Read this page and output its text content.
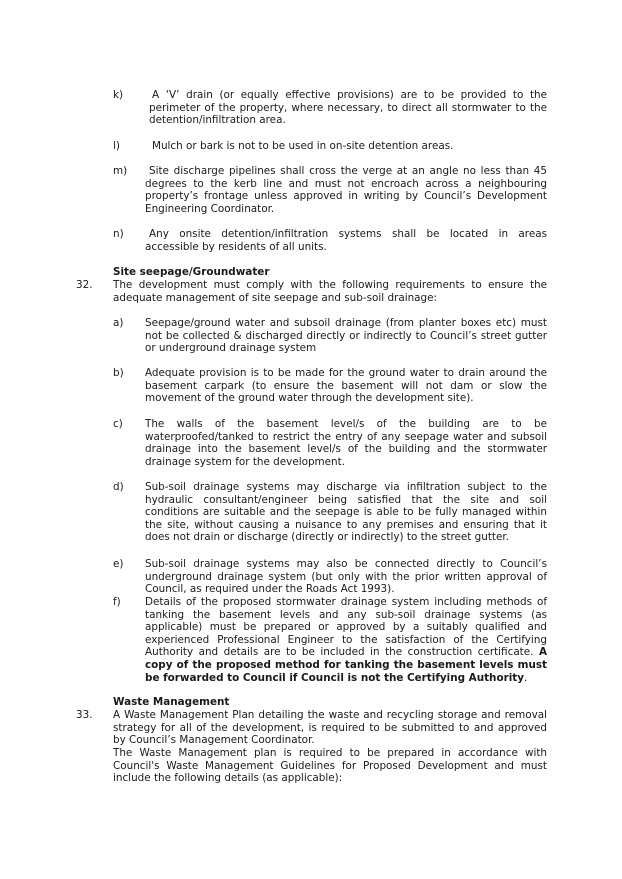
k)	A ‘V’ drain (or equally effective provisions) are to be provided to the perimeter of the property, where necessary, to direct all stormwater to the detention/infiltration area.
l)	Mulch or bark is not to be used in on-site detention areas.
m)	Site discharge pipelines shall cross the verge at an angle no less than 45 degrees to the kerb line and must not encroach across a neighbouring property’s frontage unless approved in writing by Council’s Development Engineering Coordinator.
n)	Any onsite detention/infiltration systems shall be located in areas accessible by residents of all units.
Site seepage/Groundwater
32. The development must comply with the following requirements to ensure the adequate management of site seepage and sub-soil drainage:
a) Seepage/ground water and subsoil drainage (from planter boxes etc) must not be collected & discharged directly or indirectly to Council’s street gutter or underground drainage system
b) Adequate provision is to be made for the ground water to drain around the basement carpark (to ensure the basement will not dam or slow the movement of the ground water through the development site).
c) The walls of the basement level/s of the building are to be waterproofed/tanked to restrict the entry of any seepage water and subsoil drainage into the basement level/s of the building and the stormwater drainage system for the development.
d) Sub-soil drainage systems may discharge via infiltration subject to the hydraulic consultant/engineer being satisfied that the site and soil conditions are suitable and the seepage is able to be fully managed within the site, without causing a nuisance to any premises and ensuring that it does not drain or discharge (directly or indirectly) to the street gutter.
e) Sub-soil drainage systems may also be connected directly to Council’s underground drainage system (but only with the prior written approval of Council, as required under the Roads Act 1993).
f) Details of the proposed stormwater drainage system including methods of tanking the basement levels and any sub-soil drainage systems (as applicable) must be prepared or approved by a suitably qualified and experienced Professional Engineer to the satisfaction of the Certifying Authority and details are to be included in the construction certificate. A copy of the proposed method for tanking the basement levels must be forwarded to Council if Council is not the Certifying Authority.
Waste Management
33. A Waste Management Plan detailing the waste and recycling storage and removal strategy for all of the development, is required to be submitted to and approved by Council’s Management Coordinator.
The Waste Management plan is required to be prepared in accordance with Council's Waste Management Guidelines for Proposed Development and must include the following details (as applicable):
